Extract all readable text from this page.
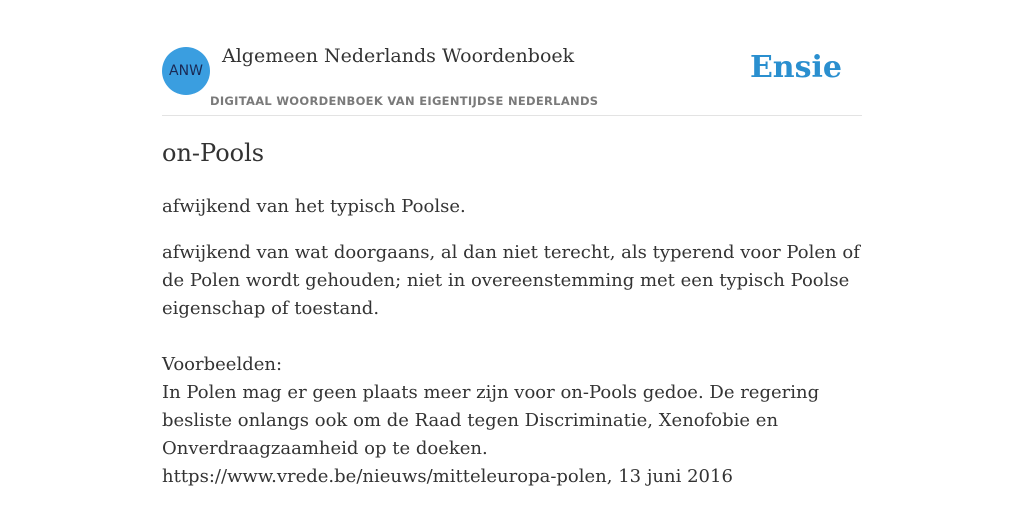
ANW
Algemeen Nederlands Woordenboek
DIGITAAL WOORDENBOEK VAN EIGENTIJDSE NEDERLANDS
Ensie
on-Pools

afwijkend van het typisch Poolse.

afwijkend van wat doorgaans, al dan niet terecht, als typerend voor Polen of de Polen wordt gehouden; niet in overeenstemming met een typisch Poolse eigenschap of toestand.

Voorbeelden:

In Polen mag er geen plaats meer zijn voor on-Pools gedoe. De regering besliste onlangs ook om de Raad tegen Discriminatie, Xenofobie en Onverdraagzaamheid op te doeken.

https://www.vrede.be/nieuws/mitteleuropa-polen, 13 juni 2016
